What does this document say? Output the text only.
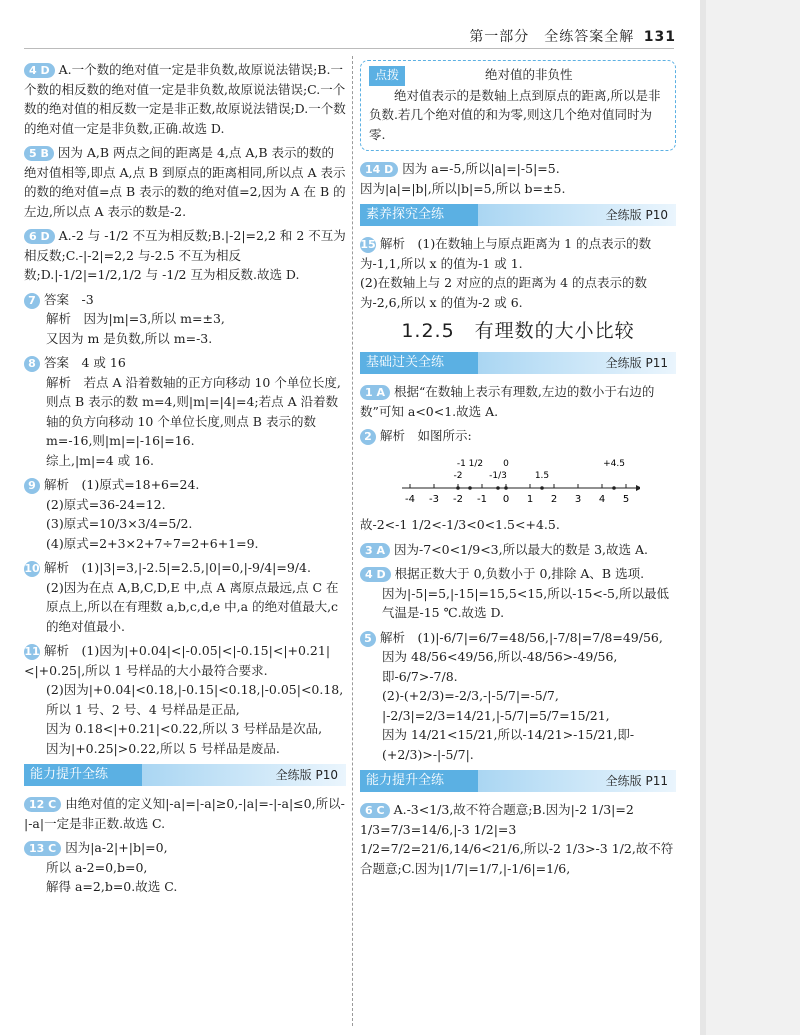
第一部分　全练答案全解 131
4 D A.一个数的绝对值一定是非负数,故原说法错误;B.一个数的相反数的绝对值一定是非负数,故原说法错误;C.一个数的绝对值的相反数一定是非正数,故原说法错误;D.一个数的绝对值一定是非负数,正确.故选 D.
5 B 因为 A,B 两点之间的距离是 4,点 A,B 表示的数的绝对值相等,即点 A,点 B 到原点的距离相同,所以点 A 表示的数的绝对值=点 B 表示的数的绝对值=2,因为 A 在 B 的左边,所以点 A 表示的数是-2.
6 D A.-2 与 -1/2 不互为相反数;B.|-2|=2,2 和 2 不互为相反数;C.-|-2|=2,2 与-2.5 不互为相反数;D.|-1/2|=1/2,1/2 与 -1/2 互为相反数.故选 D.
7 答案　-3
解析　因为|m|=3,所以 m=±3,
又因为 m 是负数,所以 m=-3.
8 答案　4 或 16
解析　若点 A 沿着数轴的正方向移动 10 个单位长度,则点 B 表示的数 m=4,则|m|=|4|=4;若点 A 沿着数轴的负方向移动 10 个单位长度,则点 B 表示的数 m=-16,则|m|=|-16|=16.
综上,|m|=4 或 16.
9 解析　(1)原式=18+6=24.
(2)原式=36-24=12.
(3)原式=10/3×3/4=5/2.
(4)原式=2+3×2+7÷7=2+6+1=9.
10 解析　(1)|3|=3,|-2.5|=2.5,|0|=0,|-9/4|=9/4.
(2)因为在点 A,B,C,D,E 中,点 A 离原点最远,点 C 在原点上,所以在有理数 a,b,c,d,e 中,a 的绝对值最大,c 的绝对值最小.
11 解析　(1)因为|+0.04|<|-0.05|<|-0.15|<|+0.21|<|+0.25|,所以 1 号样品的大小最符合要求.
(2)因为|+0.04|<0.18,|-0.15|<0.18,|-0.05|<0.18,所以 1 号、2 号、4 号样品是正品,
因为 0.18<|+0.21|<0.22,所以 3 号样品是次品,
因为|+0.25|>0.22,所以 5 号样品是废品.
能力提升全练	全练版 P10
12 C 由绝对值的定义知|-a|=|-a|≥0,-|a|=-|-a|≤0,所以-|-a|一定是非正数.故选 C.
13 C 因为|a-2|+|b|=0,
所以 a-2=0,b=0,
解得 a=2,b=0.故选 C.
点拨	绝对值的非负性
绝对值表示的是数轴上点到原点的距离,所以是非负数.若几个绝对值的和为零,则这几个绝对值同时为零.
14 D 因为 a=-5,所以|a|=|-5|=5.
因为|a|=|b|,所以|b|=5,所以 b=±5.
素养探究全练	全练版 P10
15 解析　(1)在数轴上与原点距离为 1 的点表示的数为-1,1,所以 x 的值为-1 或 1.
(2)在数轴上与 2 对应的点的距离为 4 的点表示的数为-2,6,所以 x 的值为-2 或 6.
1.2.5　有理数的大小比较
基础过关全练	全练版 P11
1 A 根据“在数轴上表示有理数,左边的数小于右边的数”可知 a<0<1.故选 A.
2 解析　如图所示:
-4 -3 -2 -1 0 1 2 3 4 5
-2
-1 1/2
-1/3
0
1.5
+4.5
故-2<-1 1/2<-1/3<0<1.5<+4.5.
3 A 因为-7<0<1/9<3,所以最大的数是 3,故选 A.
4 D 根据正数大于 0,负数小于 0,排除 A、B 选项.
因为|-5|=5,|-15|=15,5<15,所以-15<-5,所以最低气温是-15 ℃.故选 D.
5 解析　(1)|-6/7|=6/7=48/56,|-7/8|=7/8=49/56,
因为 48/56<49/56,所以-48/56>-49/56,即-6/7>-7/8.
(2)-(+2/3)=-2/3,-|-5/7|=-5/7,
|-2/3|=2/3=14/21,|-5/7|=5/7=15/21,
因为 14/21<15/21,所以-14/21>-15/21,即-(+2/3)>-|-5/7|.
能力提升全练	全练版 P11
6 C A.-3<1/3,故不符合题意;B.因为|-2 1/3|=2 1/3=7/3=14/6,|-3 1/2|=3 1/2=7/2=21/6,14/6<21/6,所以-2 1/3>-3 1/2,故不符合题意;C.因为|1/7|=1/7,|-1/6|=1/6,
